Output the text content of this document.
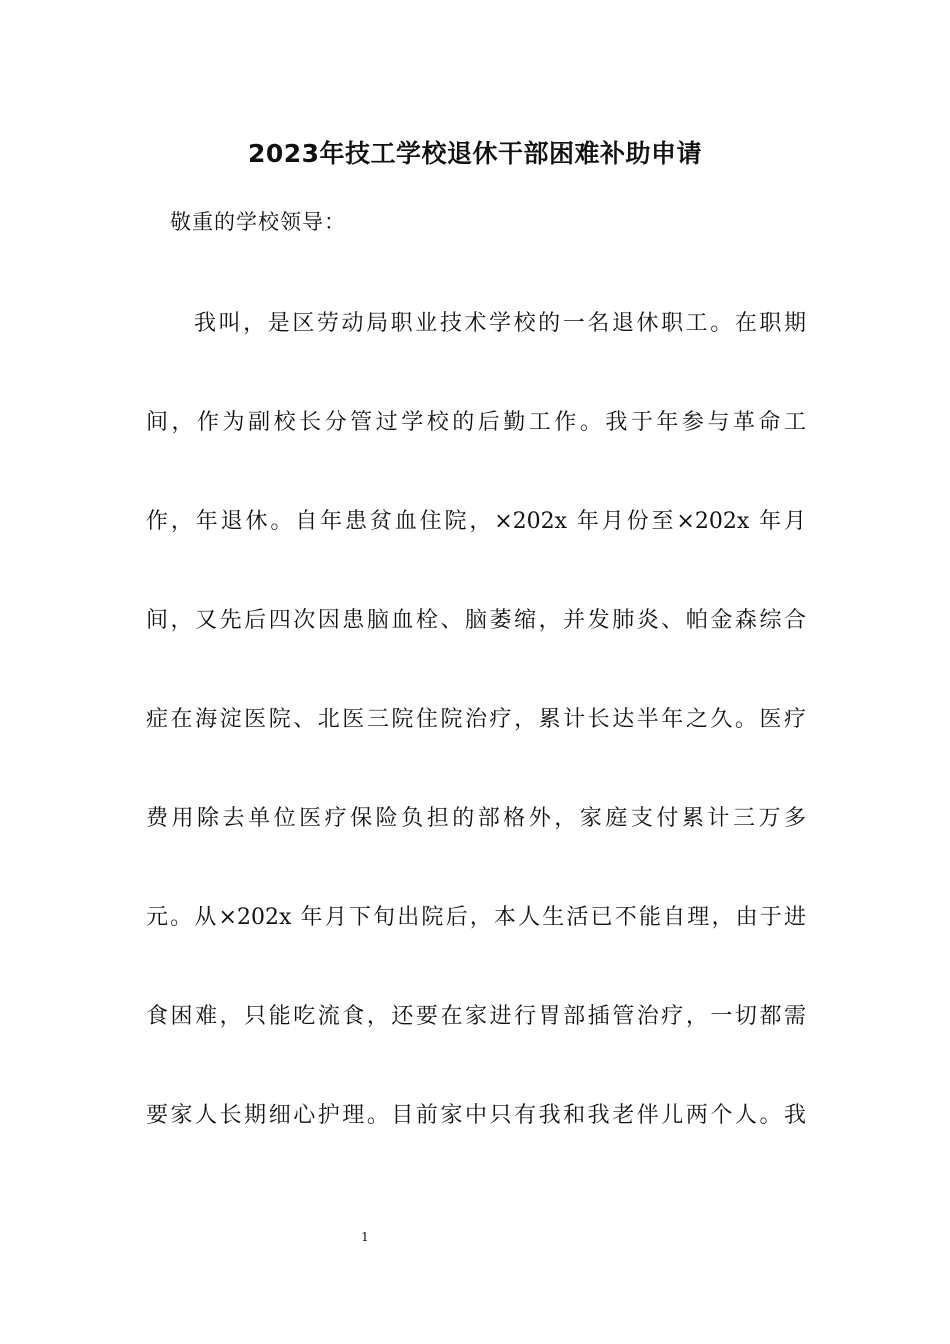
2023年技工学校退休干部困难补助申请
敬重的学校领导：
我叫，是区劳动局职业技术学校的一名退休职工。在职期
间，作为副校长分管过学校的后勤工作。我于年参与革命工
作，年退休。自年患贫血住院，×202x 年月份至×202x 年月
间，又先后四次因患脑血栓、脑萎缩，并发肺炎、帕金森综合
症在海淀医院、北医三院住院治疗，累计长达半年之久。医疗
费用除去单位医疗保险负担的部格外，家庭支付累计三万多
元。从×202x 年月下旬出院后，本人生活已不能自理，由于进
食困难，只能吃流食，还要在家进行胃部插管治疗，一切都需
要家人长期细心护理。目前家中只有我和我老伴儿两个人。我
1
